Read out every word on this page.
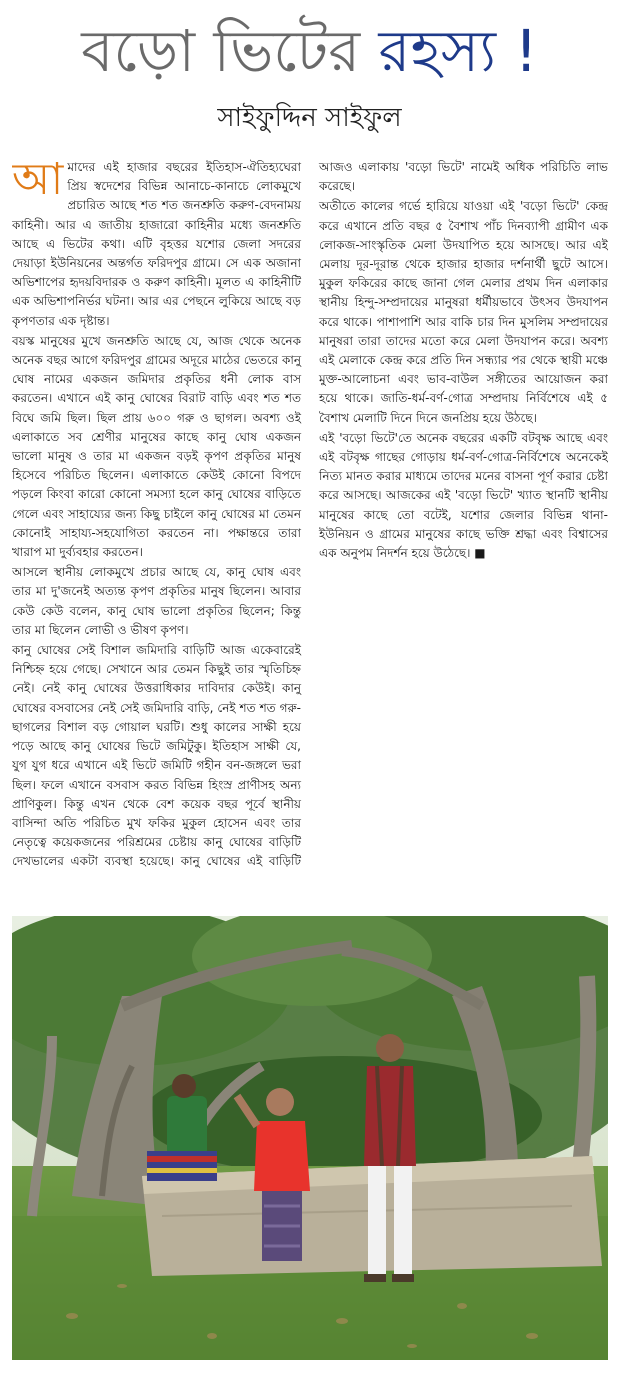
বড়ো ভিটের রহস্য !
সাইফুদ্দিন সাইফুল

আমাদের এই হাজার বছরের ইতিহাস-ঐতিহ্যঘেরা প্রিয় স্বদেশের বিভিন্ন আনাচে-কানাচে লোকমুখে প্রচারিত আছে শত শত জনশ্রুতি করুণ-বেদনাময় কাহিনী। আর এ জাতীয় হাজারো কাহিনীর মধ্যে জনশ্রুতি আছে এ ভিটের কথা। এটি বৃহত্তর যশোর জেলা সদরের দেয়াড়া ইউনিয়নের অন্তর্গত ফরিদপুর গ্রামে। সে এক অজানা অভিশাপের হৃদয়বিদারক ও করুণ কাহিনী। মূলত এ কাহিনীটি এক অভিশাপনির্ভর ঘটনা। আর এর পেছনে লুকিয়ে আছে বড় কৃপণতার এক দৃষ্টান্ত।

বয়স্ক মানুষের মুখে জনশ্রুতি আছে যে, আজ থেকে অনেক অনেক বছর আগে ফরিদপুর গ্রামের অদূরে মাঠের ভেতরে কানু ঘোষ নামের একজন জমিদার প্রকৃতির ধনী লোক বাস করতেন। এখানে এই কানু ঘোষের বিরাট বাড়ি এবং শত শত বিঘে জমি ছিল। ছিল প্রায় ৬০০ গরু ও ছাগল। অবশ্য ওই এলাকাতে সব শ্রেণীর মানুষের কাছে কানু ঘোষ একজন ভালো মানুষ ও তার মা একজন বড়ই কৃপণ প্রকৃতির মানুষ হিসেবে পরিচিত ছিলেন। এলাকাতে কেউই কোনো বিপদে পড়লে কিংবা কারো কোনো সমস্যা হলে কানু ঘোষের বাড়িতে গেলে এবং সাহায্যের জন্য কিছু চাইলে কানু ঘোষের মা তেমন কোনোই সাহায্য-সহযোগিতা করতেন না। পক্ষান্তরে তারা খারাপ মা দুর্ব্যবহার করতেন।

আসলে স্থানীয় লোকমুখে প্রচার আছে যে, কানু ঘোষ এবং তার মা দু'জনেই অত্যন্ত কৃপণ প্রকৃতির মানুষ ছিলেন। আবার কেউ কেউ বলেন, কানু ঘোষ ভালো প্রকৃতির ছিলেন; কিন্তু তার মা ছিলেন লোভী ও ভীষণ কৃপণ।

কানু ঘোষের সেই বিশাল জমিদারি বাড়িটি আজ একেবারেই নিশ্চিহ্ন হয়ে গেছে। সেখানে আর তেমন কিছুই তার স্মৃতিচিহ্ন নেই। নেই কানু ঘোষের উত্তরাধিকার দাবিদার কেউই। কানু ঘোষের বসবাসের নেই সেই জমিদারি বাড়ি, নেই শত শত গরু-ছাগলের বিশাল বড় গোয়াল ঘরটি। শুধু কালের সাক্ষী হয়ে পড়ে আছে কানু ঘোষের ভিটে জমিটুকু। ইতিহাস সাক্ষী যে, যুগ যুগ ধরে এখানে এই ভিটে জমিটি গহীন বন-জঙ্গলে ভরা ছিল। ফলে এখানে বসবাস করত বিভিন্ন হিংস্র প্রাণীসহ অন্য প্রাণিকুল। কিন্তু এখন থেকে বেশ কয়েক বছর পূর্বে স্থানীয় বাসিন্দা অতি পরিচিত মুখ ফকির মুকুল হোসেন এবং তার নেতৃত্বে কয়েকজনের পরিশ্রমের চেষ্টায় কানু ঘোষের বাড়িটি দেখভালের একটা ব্যবস্থা হয়েছে। কানু ঘোষের এই বাড়িটি আজও এলাকায় 'বড়ো ভিটে' নামেই অধিক পরিচিতি লাভ করেছে।

অতীতে কালের গর্ভে হারিয়ে যাওয়া এই 'বড়ো ভিটে' কেন্দ্র করে এখানে প্রতি বছর ৫ বৈশাখ পাঁচ দিনব্যাপী গ্রামীণ এক লোকজ-সাংস্কৃতিক মেলা উদযাপিত হয়ে আসছে। আর এই মেলায় দূর-দূরান্ত থেকে হাজার হাজার দর্শনার্থী ছুটে আসে। মুকুল ফকিরের কাছে জানা গেল মেলার প্রথম দিন এলাকার স্থানীয় হিন্দু-সম্প্রদায়ের মানুষরা ধর্মীয়ভাবে উৎসব উদযাপন করে থাকে। পাশাপাশি আর বাকি চার দিন মুসলিম সম্প্রদায়ের মানুষরা তারা তাদের মতো করে মেলা উদযাপন করে। অবশ্য এই মেলাকে কেন্দ্র করে প্রতি দিন সন্ধ্যার পর থেকে স্থায়ী মঞ্চে মুক্ত-আলোচনা এবং ভাব-বাউল সঙ্গীতের আয়োজন করা হয়ে থাকে। জাতি-ধর্ম-বর্ণ-গোত্র সম্প্রদায় নির্বিশেষে এই ৫ বৈশাখ মেলাটি দিনে দিনে জনপ্রিয় হয়ে উঠছে।

এই 'বড়ো ভিটে'তে অনেক বছরের একটি বটবৃক্ষ আছে এবং এই বটবৃক্ষ গাছের গোড়ায় ধর্ম-বর্ণ-গোত্র-নির্বিশেষে অনেকেই নিত্য মানত করার মাধ্যমে তাদের মনের বাসনা পূর্ণ করার চেষ্টা করে আসছে। আজকের এই 'বড়ো ভিটে' খ্যাত স্থানটি স্থানীয় মানুষের কাছে তো বটেই, যশোর জেলার বিভিন্ন থানা-ইউনিয়ন ও গ্রামের মানুষের কাছে ভক্তি শ্রদ্ধা এবং বিশ্বাসের এক অনুপম নিদর্শন হয়ে উঠেছে। ■
